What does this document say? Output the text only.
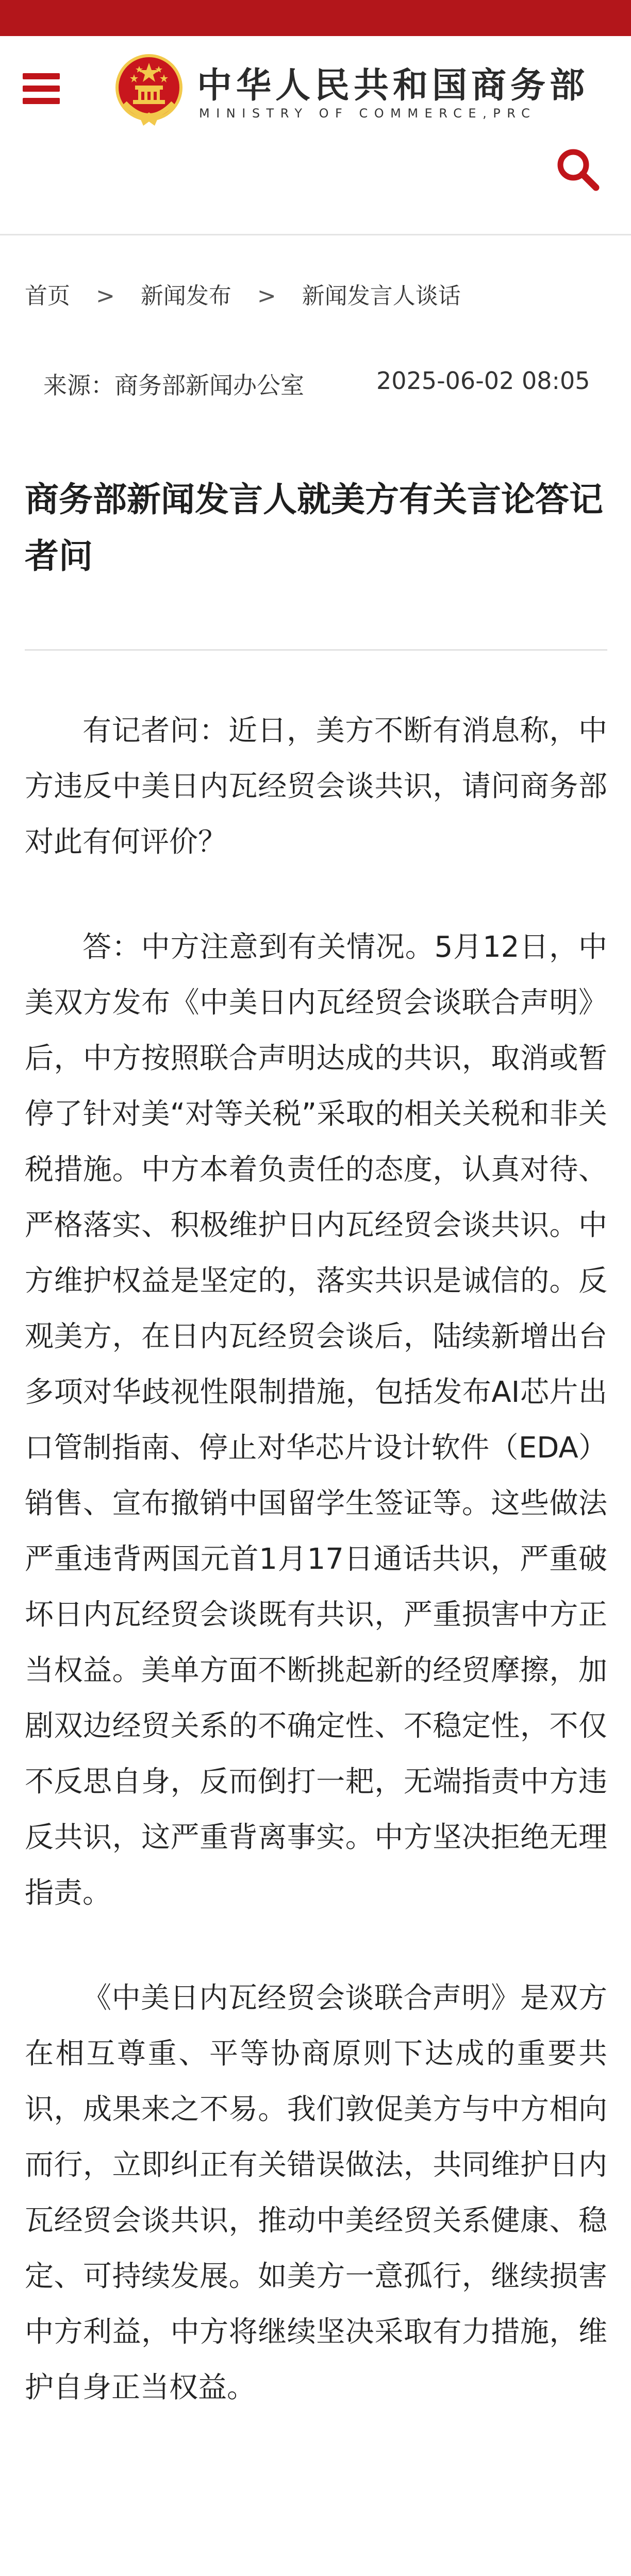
中华人民共和国商务部
MINISTRY OF COMMERCE,PRC
首页 > 新闻发布 > 新闻发言人谈话
来源：商务部新闻办公室	2025-06-02 08:05
商务部新闻发言人就美方有关言论答记者问

有记者问：近日，美方不断有消息称，中方违反中美日内瓦经贸会谈共识，请问商务部对此有何评价？

答：中方注意到有关情况。5月12日，中美双方发布《中美日内瓦经贸会谈联合声明》后，中方按照联合声明达成的共识，取消或暂停了针对美“对等关税”采取的相关关税和非关税措施。中方本着负责任的态度，认真对待、严格落实、积极维护日内瓦经贸会谈共识。中方维护权益是坚定的，落实共识是诚信的。反观美方，在日内瓦经贸会谈后，陆续新增出台多项对华歧视性限制措施，包括发布AI芯片出口管制指南、停止对华芯片设计软件（EDA）销售、宣布撤销中国留学生签证等。这些做法严重违背两国元首1月17日通话共识，严重破坏日内瓦经贸会谈既有共识，严重损害中方正当权益。美单方面不断挑起新的经贸摩擦，加剧双边经贸关系的不确定性、不稳定性，不仅不反思自身，反而倒打一耙，无端指责中方违反共识，这严重背离事实。中方坚决拒绝无理指责。

《中美日内瓦经贸会谈联合声明》是双方在相互尊重、平等协商原则下达成的重要共识，成果来之不易。我们敦促美方与中方相向而行，立即纠正有关错误做法，共同维护日内瓦经贸会谈共识，推动中美经贸关系健康、稳定、可持续发展。如美方一意孤行，继续损害中方利益，中方将继续坚决采取有力措施，维护自身正当权益。
